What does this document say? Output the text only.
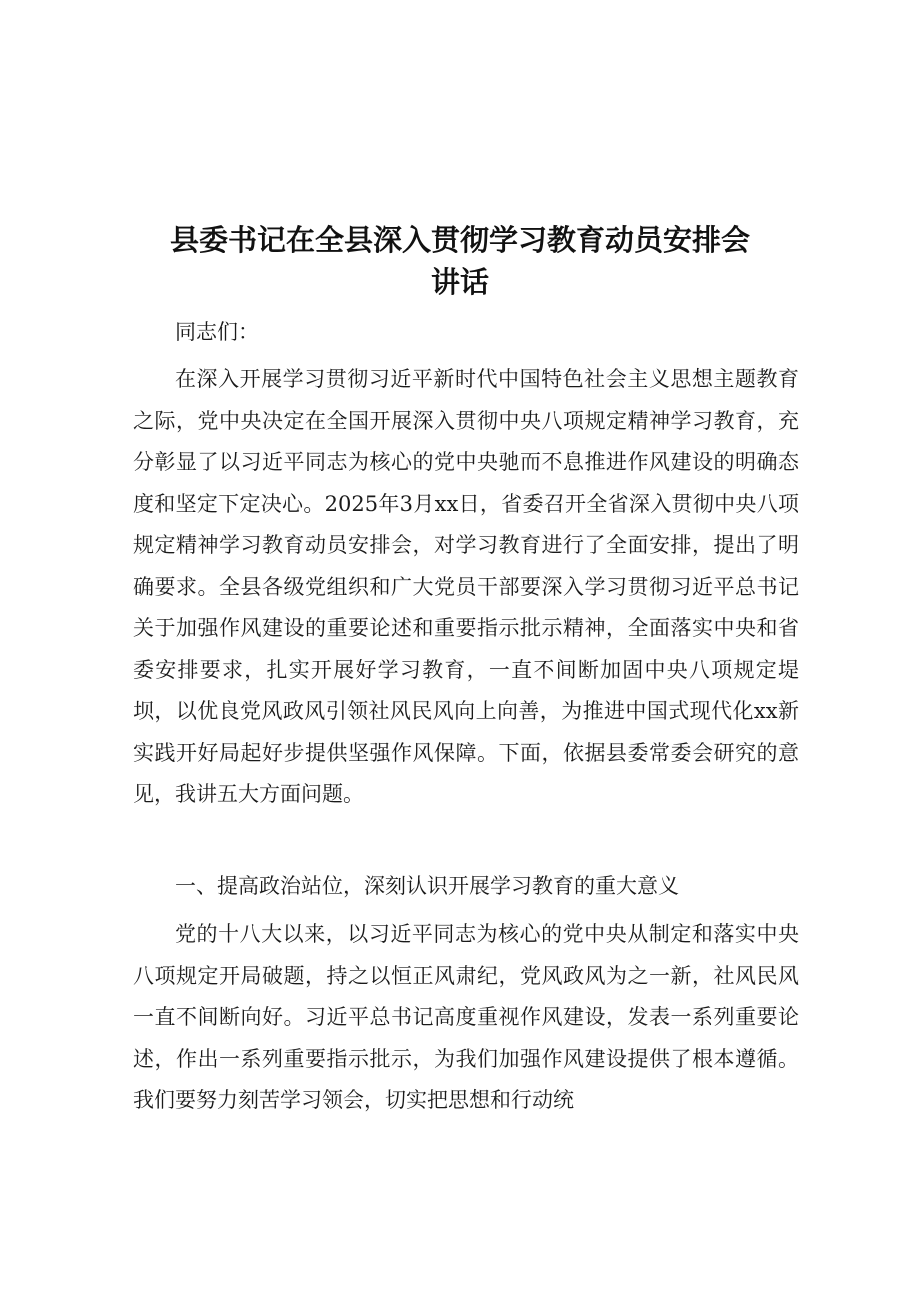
县委书记在全县深入贯彻学习教育动员安排会
讲话

同志们：

在深入开展学习贯彻习近平新时代中国特色社会主义思想主题教育之际，党中央决定在全国开展深入贯彻中央八项规定精神学习教育，充分彰显了以习近平同志为核心的党中央驰而不息推进作风建设的明确态度和坚定下定决心。2025年3月xx日，省委召开全省深入贯彻中央八项规定精神学习教育动员安排会，对学习教育进行了全面安排，提出了明确要求。全县各级党组织和广大党员干部要深入学习贯彻习近平总书记关于加强作风建设的重要论述和重要指示批示精神，全面落实中央和省委安排要求，扎实开展好学习教育，一直不间断加固中央八项规定堤坝，以优良党风政风引领社风民风向上向善，为推进中国式现代化xx新实践开好局起好步提供坚强作风保障。下面，依据县委常委会研究的意见，我讲五大方面问题。

一、提高政治站位，深刻认识开展学习教育的重大意义

党的十八大以来，以习近平同志为核心的党中央从制定和落实中央八项规定开局破题，持之以恒正风肃纪，党风政风为之一新，社风民风一直不间断向好。习近平总书记高度重视作风建设，发表一系列重要论述，作出一系列重要指示批示，为我们加强作风建设提供了根本遵循。我们要努力刻苦学习领会，切实把思想和行动统
